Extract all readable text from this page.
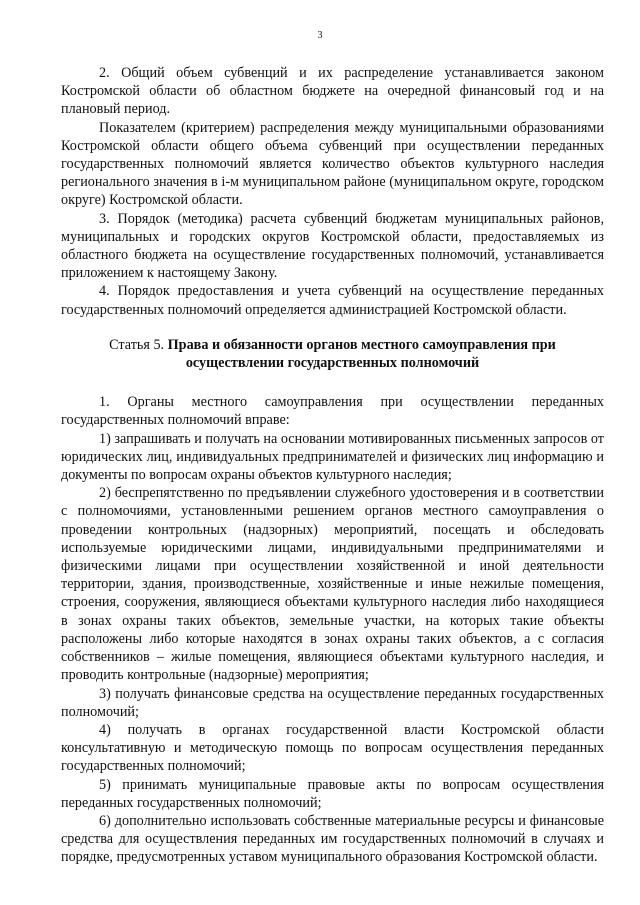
3

2. Общий объем субвенций и их распределение устанавливается законом Костромской области об областном бюджете на очередной финансовый год и на плановый период.

Показателем (критерием) распределения между муниципальными образованиями Костромской области общего объема субвенций при осуществлении переданных государственных полномочий является количество объектов культурного наследия регионального значения в i-м муниципальном районе (муниципальном округе, городском округе) Костромской области.

3. Порядок (методика) расчета субвенций бюджетам муниципальных районов, муниципальных и городских округов Костромской области, предоставляемых из областного бюджета на осуществление государственных полномочий, устанавливается приложением к настоящему Закону.

4. Порядок предоставления и учета субвенций на осуществление переданных государственных полномочий определяется администрацией Костромской области.

Статья 5. Права и обязанности органов местного самоуправления при осуществлении государственных полномочий

1. Органы местного самоуправления при осуществлении переданных государственных полномочий вправе:

1) запрашивать и получать на основании мотивированных письменных запросов от юридических лиц, индивидуальных предпринимателей и физических лиц информацию и документы по вопросам охраны объектов культурного наследия;

2) беспрепятственно по предъявлении служебного удостоверения и в соответствии с полномочиями, установленными решением органов местного самоуправления о проведении контрольных (надзорных) мероприятий, посещать и обследовать используемые юридическими лицами, индивидуальными предпринимателями и физическими лицами при осуществлении хозяйственной и иной деятельности территории, здания, производственные, хозяйственные и иные нежилые помещения, строения, сооружения, являющиеся объектами культурного наследия либо находящиеся в зонах охраны таких объектов, земельные участки, на которых такие объекты расположены либо которые находятся в зонах охраны таких объектов, а с согласия собственников – жилые помещения, являющиеся объектами культурного наследия, и проводить контрольные (надзорные) мероприятия;

3) получать финансовые средства на осуществление переданных государственных полномочий;

4) получать в органах государственной власти Костромской области консультативную и методическую помощь по вопросам осуществления переданных государственных полномочий;

5) принимать муниципальные правовые акты по вопросам осуществления переданных государственных полномочий;

6) дополнительно использовать собственные материальные ресурсы и финансовые средства для осуществления переданных им государственных полномочий в случаях и порядке, предусмотренных уставом муниципального образования Костромской области.
